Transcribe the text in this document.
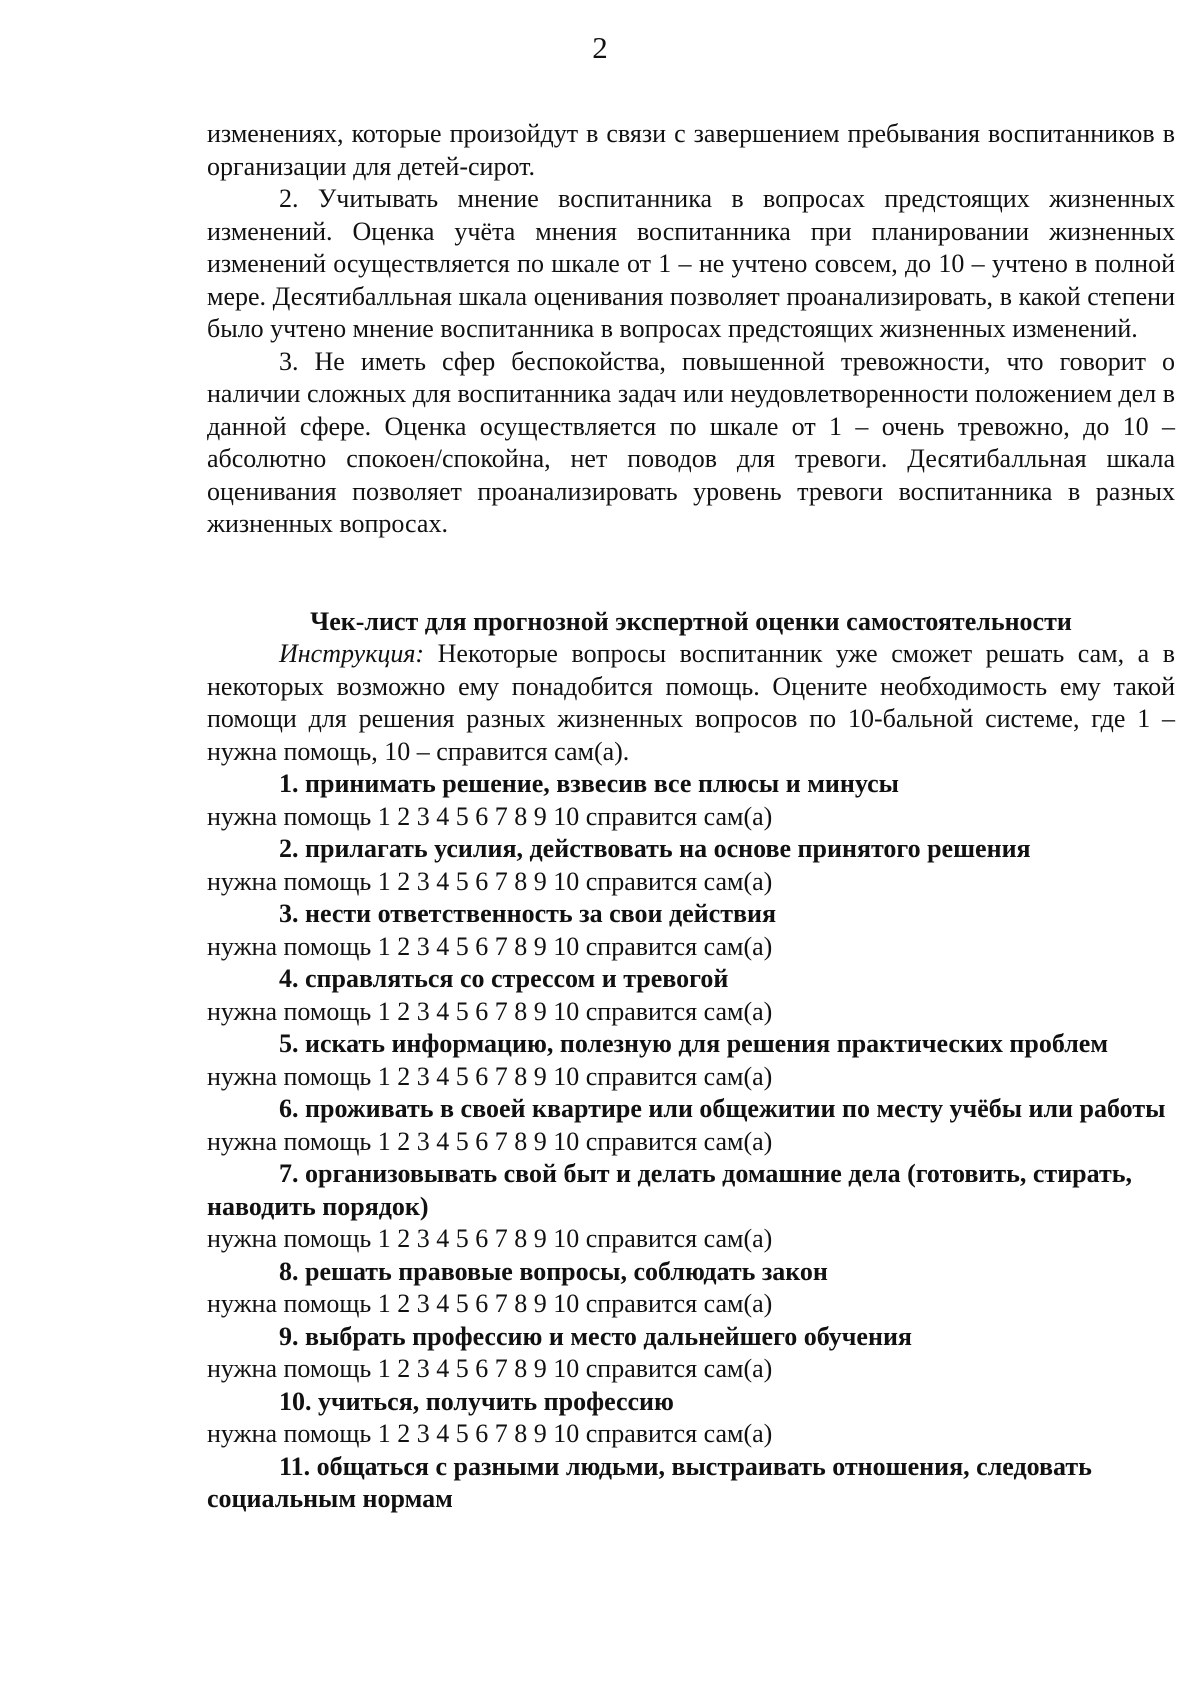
2

изменениях, которые произойдут в связи с завершением пребывания воспитанников в организации для детей-сирот.

2. Учитывать мнение воспитанника в вопросах предстоящих жизненных изменений. Оценка учёта мнения воспитанника при планировании жизненных изменений осуществляется по шкале от 1 – не учтено совсем, до 10 – учтено в полной мере. Десятибалльная шкала оценивания позволяет проанализировать, в какой степени было учтено мнение воспитанника в вопросах предстоящих жизненных изменений.

3. Не иметь сфер беспокойства, повышенной тревожности, что говорит о наличии сложных для воспитанника задач или неудовлетворенности положением дел в данной сфере. Оценка осуществляется по шкале от 1 – очень тревожно, до 10 – абсолютно спокоен/спокойна, нет поводов для тревоги. Десятибалльная шкала оценивания позволяет проанализировать уровень тревоги воспитанника в разных жизненных вопросах.

Чек-лист для прогнозной экспертной оценки самостоятельности

Инструкция: Некоторые вопросы воспитанник уже сможет решать сам, а в некоторых возможно ему понадобится помощь. Оцените необходимость ему такой помощи для решения разных жизненных вопросов по 10-бальной системе, где 1 – нужна помощь, 10 – справится сам(а).

1. принимать решение, взвесив все плюсы и минусы

нужна помощь 1 2 3 4 5 6 7 8 9 10 справится сам(а)

2. прилагать усилия, действовать на основе принятого решения

нужна помощь 1 2 3 4 5 6 7 8 9 10 справится сам(а)

3. нести ответственность за свои действия

нужна помощь 1 2 3 4 5 6 7 8 9 10 справится сам(а)

4. справляться со стрессом и тревогой

нужна помощь 1 2 3 4 5 6 7 8 9 10 справится сам(а)

5. искать информацию, полезную для решения практических проблем

нужна помощь 1 2 3 4 5 6 7 8 9 10 справится сам(а)

6. проживать в своей квартире или общежитии по месту учёбы или работы

нужна помощь 1 2 3 4 5 6 7 8 9 10 справится сам(а)

7. организовывать свой быт и делать домашние дела (готовить, стирать, наводить порядок)

нужна помощь 1 2 3 4 5 6 7 8 9 10 справится сам(а)

8. решать правовые вопросы, соблюдать закон

нужна помощь 1 2 3 4 5 6 7 8 9 10 справится сам(а)

9. выбрать профессию и место дальнейшего обучения

нужна помощь 1 2 3 4 5 6 7 8 9 10 справится сам(а)

10. учиться, получить профессию

нужна помощь 1 2 3 4 5 6 7 8 9 10 справится сам(а)

11. общаться с разными людьми, выстраивать отношения, следовать социальным нормам
